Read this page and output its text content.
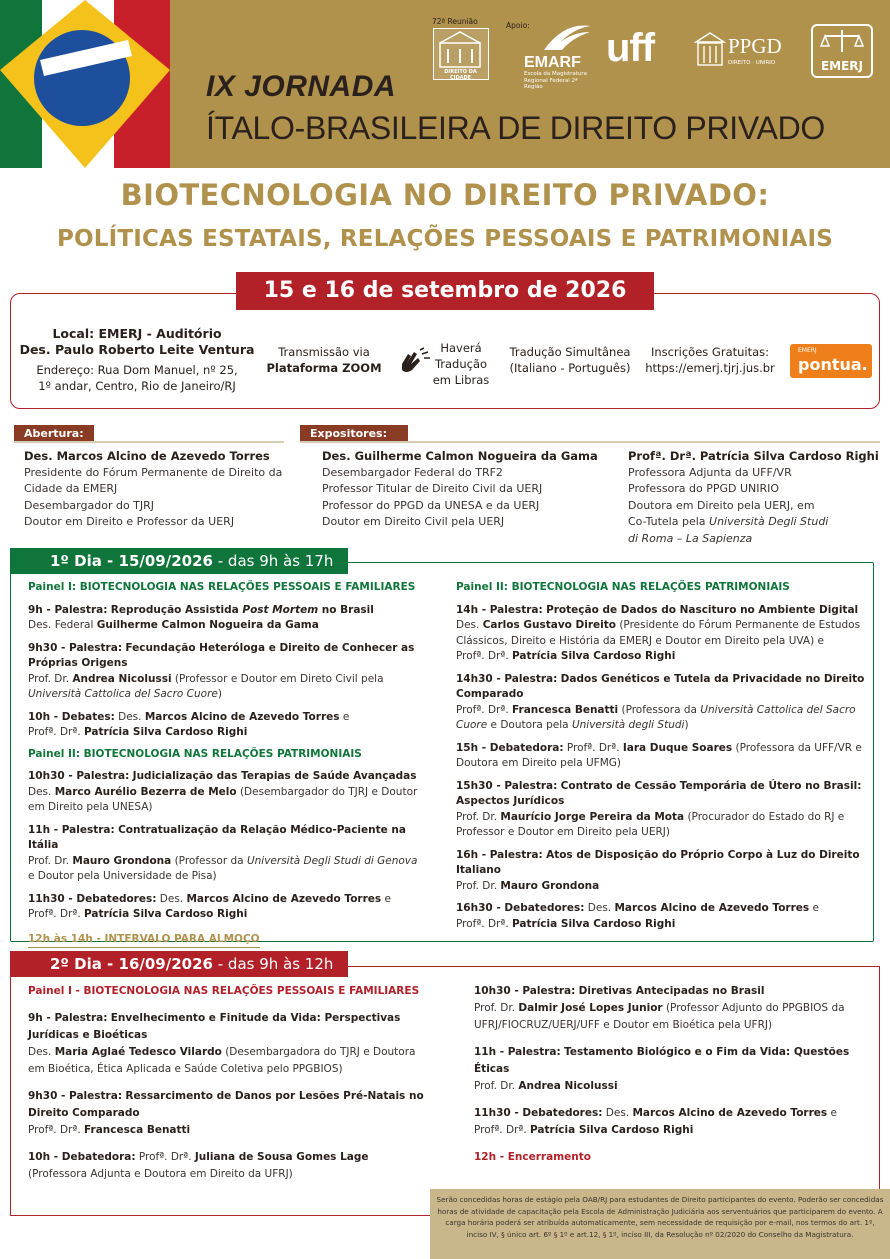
IX JORNADA
ÍTALO-BRASILEIRA DE DIREITO PRIVADO
72ª Reunião
DIREITO DA CIDADE
Apoio:
EMARF
Escola da Magistratura
Regional Federal 2ª Região
uff	PPGD
DIREITO · UNIRIO	EMERJ
BIOTECNOLOGIA NO DIREITO PRIVADO:
POLÍTICAS ESTATAIS, RELAÇÕES PESSOAIS E PATRIMONIAIS
15 e 16 de setembro de 2026
Local: EMERJ - Auditório
Des. Paulo Roberto Leite Ventura
Endereço: Rua Dom Manuel, nº 25,
1º andar, Centro, Rio de Janeiro/RJ
Transmissão via
Plataforma ZOOM
Haverá
Tradução
em Libras
Tradução Simultânea
(Italiano - Português)
Inscrições Gratuitas:
https://emerj.tjrj.jus.br
EMERJ
pontua.
Abertura:
Des. Marcos Alcino de Azevedo Torres
Presidente do Fórum Permanente de Direito da
Cidade da EMERJ
Desembargador do TJRJ
Doutor em Direito e Professor da UERJ
Expositores:
Des. Guilherme Calmon Nogueira da Gama
Desembargador Federal do TRF2
Professor Titular de Direito Civil da UERJ
Professor do PPGD da UNESA e da UERJ
Doutor em Direito Civil pela UERJ
Profª. Drª. Patrícia Silva Cardoso Righi
Professora Adjunta da UFF/VR
Professora do PPGD UNIRIO
Doutora em Direito pela UERJ, em
Co-Tutela pela Università Degli Studi
di Roma – La Sapienza
1º Dia - 15/09/2026 - das 9h às 17h
Painel I: BIOTECNOLOGIA NAS RELAÇÕES PESSOAIS E FAMILIARES
9h - Palestra: Reprodução Assistida Post Mortem no Brasil
Des. Federal Guilherme Calmon Nogueira da Gama
9h30 - Palestra: Fecundação Heteróloga e Direito de Conhecer as Próprias Origens
Prof. Dr. Andrea Nicolussi (Professor e Doutor em Direto Civil pela Università Cattolica del Sacro Cuore)
10h - Debates: Des. Marcos Alcino de Azevedo Torres e
Profª. Drª. Patrícia Silva Cardoso Righi
Painel II: BIOTECNOLOGIA NAS RELAÇÕES PATRIMONIAIS
10h30 - Palestra: Judicialização das Terapias de Saúde Avançadas
Des. Marco Aurélio Bezerra de Melo (Desembargador do TJRJ e Doutor em Direito pela UNESA)
11h - Palestra: Contratualização da Relação Médico-Paciente na Itália
Prof. Dr. Mauro Grondona (Professor da Università Degli Studi di Genova e Doutor pela Universidade de Pisa)
11h30 - Debatedores: Des. Marcos Alcino de Azevedo Torres e
Profª. Drª. Patrícia Silva Cardoso Righi
12h às 14h - INTERVALO PARA ALMOÇO
Painel II: BIOTECNOLOGIA NAS RELAÇÕES PATRIMONIAIS
14h - Palestra: Proteção de Dados do Nascituro no Ambiente Digital
Des. Carlos Gustavo Direito (Presidente do Fórum Permanente de Estudos Clássicos, Direito e História da EMERJ e Doutor em Direito pela UVA) e
Profª. Drª. Patrícia Silva Cardoso Righi
14h30 - Palestra: Dados Genéticos e Tutela da Privacidade no Direito Comparado
Profª. Drª. Francesca Benatti (Professora da Università Cattolica del Sacro Cuore e Doutora pela Università degli Studi)
15h - Debatedora: Profª. Drª. Iara Duque Soares (Professora da UFF/VR e Doutora em Direito pela UFMG)
15h30 - Palestra: Contrato de Cessão Temporária de Útero no Brasil: Aspectos Jurídicos
Prof. Dr. Maurício Jorge Pereira da Mota (Procurador do Estado do RJ e Professor e Doutor em Direito pela UERJ)
16h - Palestra: Atos de Disposição do Próprio Corpo à Luz do Direito Italiano
Prof. Dr. Mauro Grondona
16h30 - Debatedores: Des. Marcos Alcino de Azevedo Torres e
Profª. Drª. Patrícia Silva Cardoso Righi
2º Dia - 16/09/2026 - das 9h às 12h
Painel I - BIOTECNOLOGIA NAS RELAÇÕES PESSOAIS E FAMILIARES
9h - Palestra: Envelhecimento e Finitude da Vida: Perspectivas Jurídicas e Bioéticas
Des. Maria Aglaé Tedesco Vilardo (Desembargadora do TJRJ e Doutora em Bioética, Ética Aplicada e Saúde Coletiva pelo PPGBIOS)
9h30 - Palestra: Ressarcimento de Danos por Lesões Pré-Natais no Direito Comparado
Profª. Drª. Francesca Benatti
10h - Debatedora: Profª. Drª. Juliana de Sousa Gomes Lage
(Professora Adjunta e Doutora em Direito da UFRJ)
10h30 - Palestra: Diretivas Antecipadas no Brasil
Prof. Dr. Dalmir José Lopes Junior (Professor Adjunto do PPGBIOS da UFRJ/FIOCRUZ/UERJ/UFF e Doutor em Bioética pela UFRJ)
11h - Palestra: Testamento Biológico e o Fim da Vida: Questões Éticas
Prof. Dr. Andrea Nicolussi
11h30 - Debatedores: Des. Marcos Alcino de Azevedo Torres e
Profª. Drª. Patrícia Silva Cardoso Righi
12h - Encerramento
Serão concedidas horas de estágio pela OAB/RJ para estudantes de Direito participantes do evento. Poderão ser concedidas horas de atividade de capacitação pela Escola de Administração Judiciária aos serventuários que participarem do evento. A carga horária poderá ser atribuída automaticamente, sem necessidade de requisição por e-mail, nos termos do art. 1º, inciso IV, § único art. 6º § 1º e art.12, § 1º, inciso III, da Resolução nº 02/2020 do Conselho da Magistratura.
